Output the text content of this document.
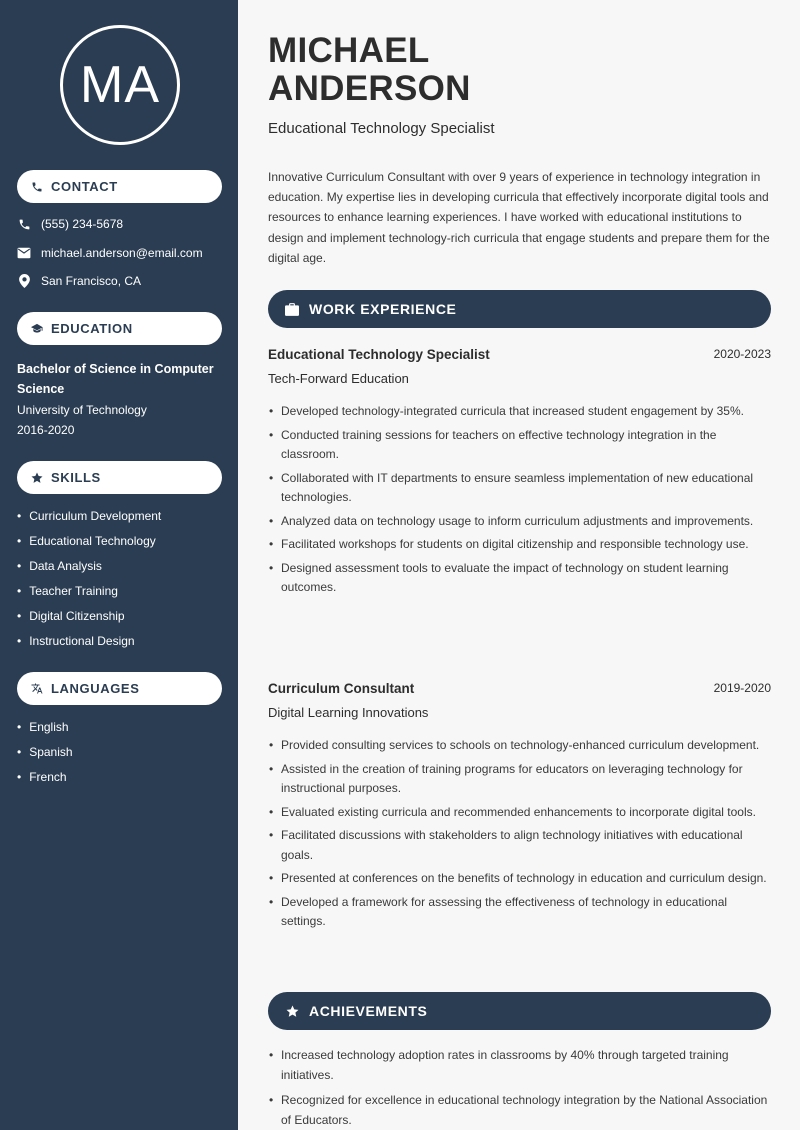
MA
CONTACT
(555) 234-5678
michael.anderson@email.com
San Francisco, CA
EDUCATION
Bachelor of Science in Computer Science
University of Technology
2016-2020
SKILLS
• Curriculum Development
• Educational Technology
• Data Analysis
• Teacher Training
• Digital Citizenship
• Instructional Design
LANGUAGES
• English
• Spanish
• French
MICHAEL
ANDERSON
Educational Technology Specialist

Innovative Curriculum Consultant with over 9 years of experience in technology integration in education. My expertise lies in developing curricula that effectively incorporate digital tools and resources to enhance learning experiences. I have worked with educational institutions to design and implement technology-rich curricula that engage students and prepare them for the digital age.

WORK EXPERIENCE
Educational Technology Specialist	2020-2023
Tech-Forward Education
• Developed technology-integrated curricula that increased student engagement by 35%.
• Conducted training sessions for teachers on effective technology integration in the classroom.
• Collaborated with IT departments to ensure seamless implementation of new educational technologies.
• Analyzed data on technology usage to inform curriculum adjustments and improvements.
• Facilitated workshops for students on digital citizenship and responsible technology use.
• Designed assessment tools to evaluate the impact of technology on student learning outcomes.
Curriculum Consultant	2019-2020
Digital Learning Innovations
• Provided consulting services to schools on technology-enhanced curriculum development.
• Assisted in the creation of training programs for educators on leveraging technology for instructional purposes.
• Evaluated existing curricula and recommended enhancements to incorporate digital tools.
• Facilitated discussions with stakeholders to align technology initiatives with educational goals.
• Presented at conferences on the benefits of technology in education and curriculum design.
• Developed a framework for assessing the effectiveness of technology in educational settings.
ACHIEVEMENTS
• Increased technology adoption rates in classrooms by 40% through targeted training initiatives.
• Recognized for excellence in educational technology integration by the National Association of Educators.
